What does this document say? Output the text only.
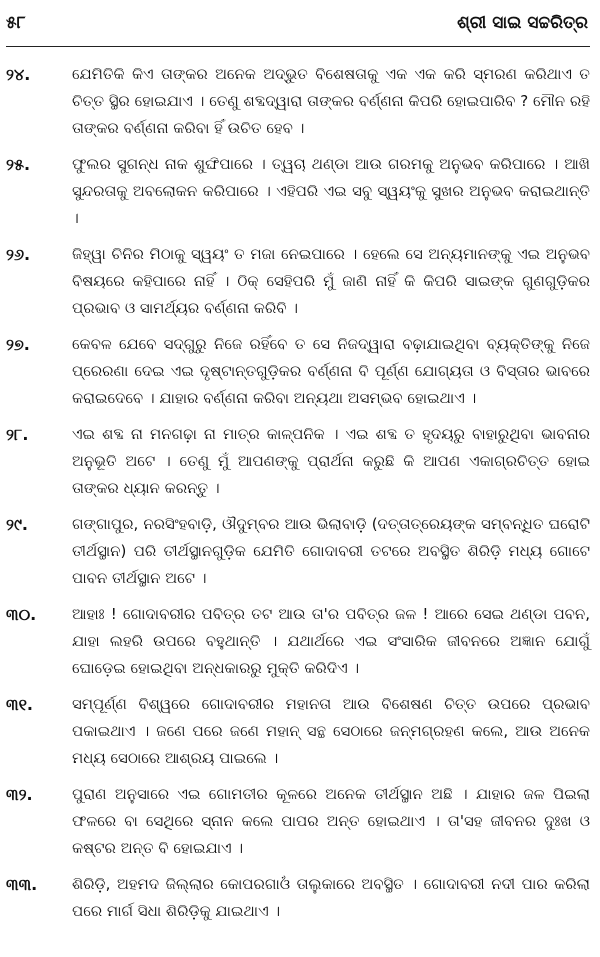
୫୮	ଶ୍ରୀ ସାଇ ସଚ୍ଚରିତ୍ର
୨୪.	ଯେମିତିକି କିଏ ତାଙ୍କର ଅନେକ ଅଦ୍ଭୁତ ବିଶେଷତାକୁ ଏକ ଏକ କରି ସ୍ମରଣ କରିଥାଏ ତ ଚିତ୍ତ ସ୍ଥିର ହୋଇଯାଏ । ତେଣୁ ଶବ୍ଦଦ୍ୱାରା ତାଙ୍କର ବର୍ଣ୍ଣନା କିପରି ହୋଇପାରିବ ? ମୌନ ରହି ତାଙ୍କର ବର୍ଣ୍ଣନା କରିବା ହିଁ ଉଚିତ ହେବ ।
୨୫.	ଫୁଲର ସୁଗନ୍ଧ ନାକ ଶୁଙ୍ଘିପାରେ । ତ୍ୱଚା ଥଣ୍ଡା ଆଉ ଗରମକୁ ଅନୁଭବ କରିପାରେ । ଆଖି ସୁନ୍ଦରତାକୁ ଅବଲୋକନ କରିପାରେ । ଏହିପରି ଏଇ ସବୁ ସ୍ୱୟଂକୁ ସୁଖର ଅନୁଭବ କରାଇଥାନ୍ତି ।
୨୬.	ଜିହ୍ୱା ଚିନିର ମିଠାକୁ ସ୍ୱୟଂ ତ ମଜା ନେଇପାରେ । ହେଲେ ସେ ଅନ୍ୟମାନଙ୍କୁ ଏଇ ଅନୁଭବ ବିଷୟରେ କହିପାରେ ନାହିଁ । ଠିକ୍ ସେହିପରି ମୁଁ ଜାଣି ନାହିଁ କି କିପରି ସାଇଙ୍କ ଗୁଣଗୁଡ଼ିକର ପ୍ରଭାବ ଓ ସାମର୍ଥ୍ୟର ବର୍ଣ୍ଣନା କରିବି ।
୨୭.	କେବଳ ଯେବେ ସଦ୍‌ଗୁରୁ ନିଜେ ରହିଁବେ ତ ସେ ନିଜଦ୍ୱାରା ବଢ଼ାଯାଇଥିବା ବ୍ୟକ୍ତିଙ୍କୁ ନିଜେ ପ୍ରେରଣା ଦେଇ ଏଇ ଦୃଷ୍ଟାନ୍ତଗୁଡ଼ିକର ବର୍ଣ୍ଣନା ବି ପୂର୍ଣ୍ଣ ଯୋଗ୍ୟତା ଓ ବିସ୍ତାର ଭାବରେ କରାଇଦେବେ । ଯାହାର ବର୍ଣ୍ଣନା କରିବା ଅନ୍ୟଥା ଅସମ୍ଭବ ହୋଇଥାଏ ।
୨୮.	ଏଇ ଶବ୍ଦ ନା ମନଗଢ଼ା ନା ମାତ୍ର କାଳ୍ପନିକ । ଏଇ ଶବ୍ଦ ତ ହୃଦୟରୁ ବାହାରୁଥିବା ଭାବନାର ଅନୁଭୂତି ଅଟେ । ତେଣୁ ମୁଁ ଆପଣଙ୍କୁ ପ୍ରାର୍ଥନା କରୁଛି କି ଆପଣ ଏକାଗ୍ରଚିତ୍ତ ହୋଇ ତାଙ୍କର ଧ୍ୟାନ କରନ୍ତୁ ।
୨୯.	ଗଙ୍ଗାପୁର, ନରସିଂହବାଡ଼ି, ଔଦୁମ୍ବର ଆଉ ଭିଲାବାଡ଼ି (ଦତ୍ତାତ୍ରେୟଙ୍କ ସମ୍ବନ୍ଧିତ ଘରୋଟି ତୀର୍ଥସ୍ଥାନ) ପରି ତୀର୍ଥସ୍ଥାନଗୁଡ଼ିକ ଯେମିତି ଗୋଦାବରୀ ତଟରେ ଅବସ୍ଥିତ ଶିରିଡ଼ି ମଧ୍ୟ ଗୋଟେ ପାବନ ତୀର୍ଥସ୍ଥାନ ଅଟେ ।
୩୦.	ଆହାଃ ! ଗୋଦାବରୀର ପବିତ୍ର ତଟ ଆଉ ତା'ର ପବିତ୍ର ଜଳ ! ଆରେ ସେଇ ଥଣ୍ଡା ପବନ, ଯାହା ଲହରି ଉପରେ ବହୁଥାନ୍ତି । ଯଥାର୍ଥରେ ଏଇ ସଂସାରିକ ଜୀବନରେ ଅଜ୍ଞାନ ଯୋଗୁଁ ଘୋଡ଼େଇ ହୋଇଥିବା ଅନ୍ଧକାରରୁ ମୁକ୍ତି କରିଦିଏ ।
୩୧.	ସମ୍ପୂର୍ଣ୍ଣ ବିଶ୍ୱରେ ଗୋଦାବରୀର ମହାନତା ଆଉ ବିଶେଷଣ ଚିତ୍ତ ଉପରେ ପ୍ରଭାବ ପକାଇଥାଏ । ଜଣେ ପରେ ଜଣେ ମହାନ୍ ସନ୍ଥ ସେଠାରେ ଜନ୍ମଗ୍ରହଣ କଲେ, ଆଉ ଅନେକ ମଧ୍ୟ ସେଠାରେ ଆଶ୍ରୟ ପାଇଲେ ।
୩୨.	ପୁରାଣ ଅନୁସାରେ ଏଇ ଗୋମତୀର କୂଳରେ ଅନେକ ତୀର୍ଥସ୍ଥାନ ଅଛି । ଯାହାର ଜଳ ପିଇଲା ଫଳରେ ବା ସେଥିରେ ସ୍ନାନ କଲେ ପାପର ଅନ୍ତ ହୋଇଥାଏ । ତା'ସହ ଜୀବନର ଦୁଃଖ ଓ କଷ୍ଟର ଅନ୍ତ ବି ହୋଇଯାଏ ।
୩୩.	ଶିରିଡ଼ି, ଅହମଦ ଜିଲ୍ଲାର କୋପରଗାଓଁ ତାଲୁକାରେ ଅବସ୍ଥିତ । ଗୋଦାବରୀ ନଦୀ ପାର କରିଲା ପରେ ମାର୍ଗ ସିଧା ଶିରିଡ଼ିକୁ ଯାଇଥାଏ ।
